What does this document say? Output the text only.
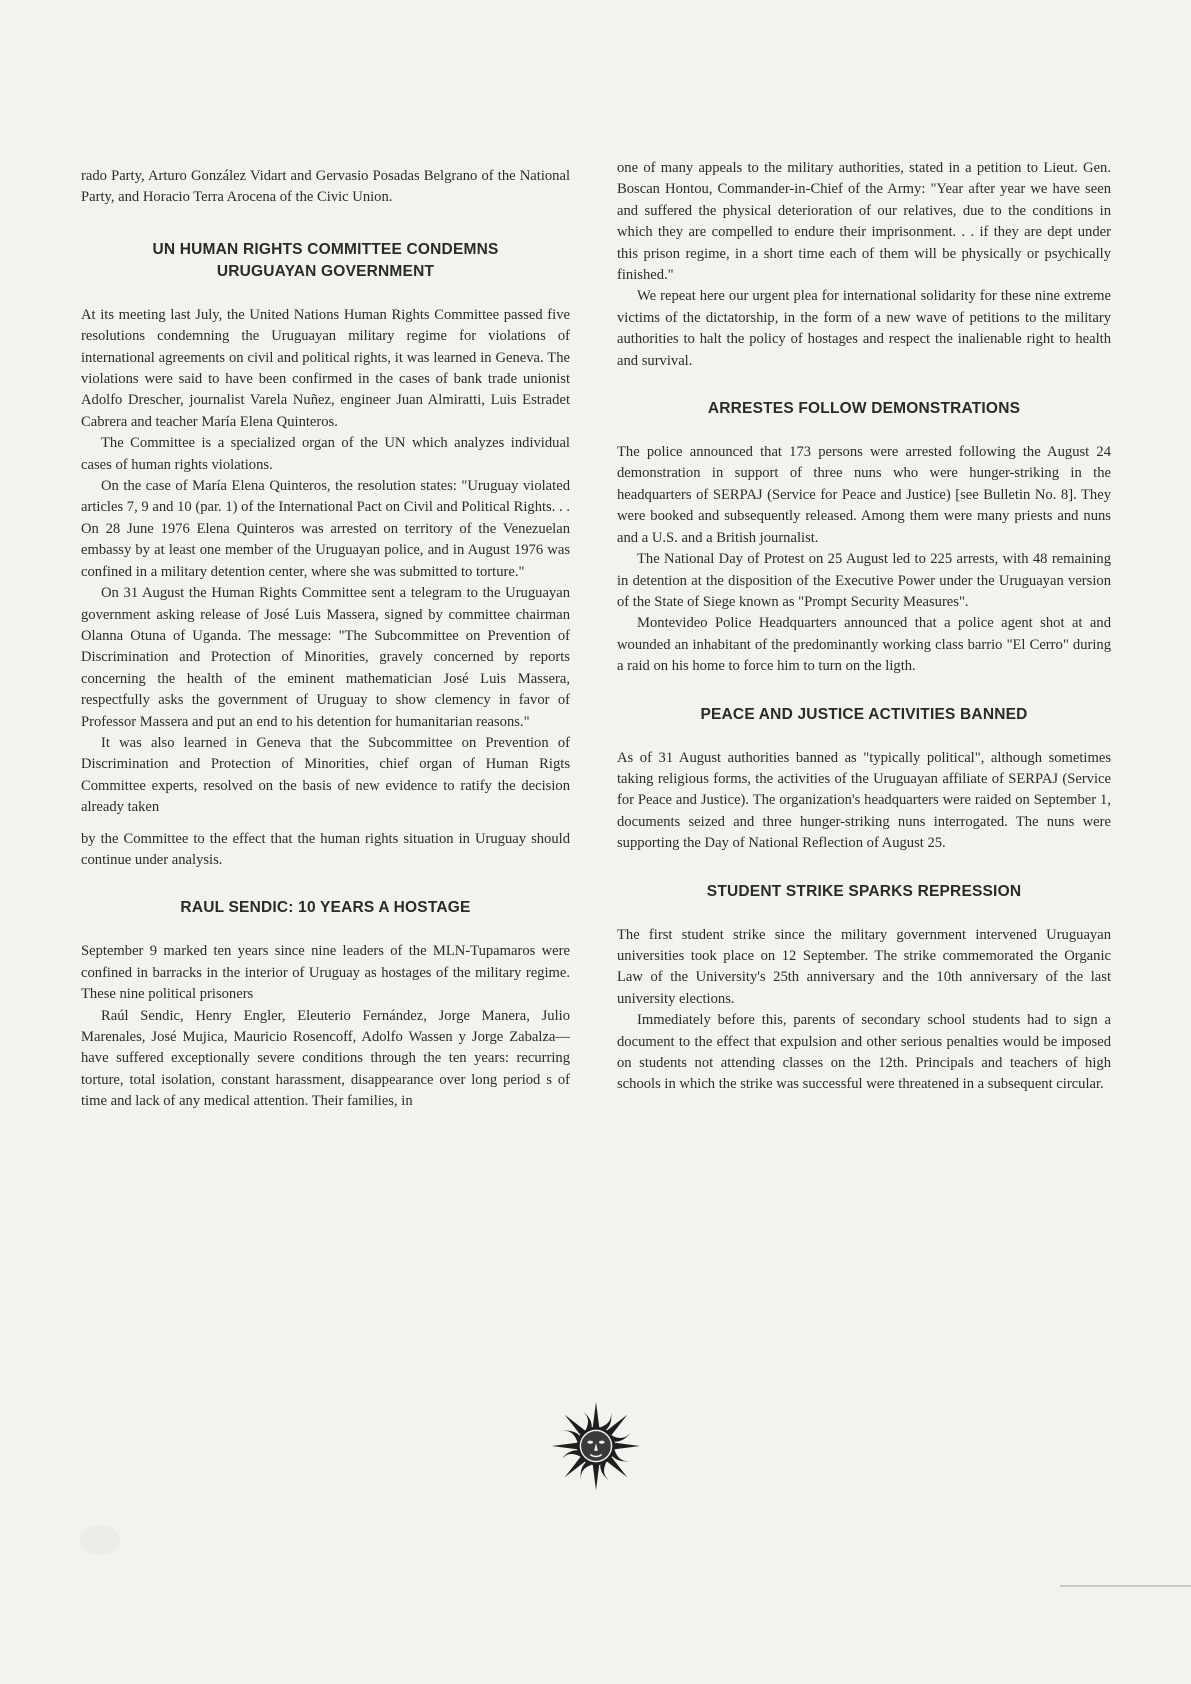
rado Party, Arturo González Vidart and Gervasio Posadas Belgrano of the National Party, and Horacio Terra Arocena of the Civic Union.

UN HUMAN RIGHTS COMMITTEE CONDEMNS URUGUAYAN GOVERNMENT

At its meeting last July, the United Nations Human Rights Committee passed five resolutions condemning the Uruguayan military regime for violations of international agreements on civil and political rights, it was learned in Geneva. The violations were said to have been confirmed in the cases of bank trade unionist Adolfo Drescher, journalist Varela Nuñez, engineer Juan Almiratti, Luis Estradet Cabrera and teacher María Elena Quinteros.

The Committee is a specialized organ of the UN which analyzes individual cases of human rights violations.

On the case of María Elena Quinteros, the resolution states: "Uruguay violated articles 7, 9 and 10 (par. 1) of the International Pact on Civil and Political Rights. . . On 28 June 1976 Elena Quinteros was arrested on territory of the Venezuelan embassy by at least one member of the Uruguayan police, and in August 1976 was confined in a military detention center, where she was submitted to torture."

On 31 August the Human Rights Committee sent a telegram to the Uruguayan government asking release of José Luis Massera, signed by committee chairman Olanna Otuna of Uganda. The message: "The Subcommittee on Prevention of Discrimination and Protection of Minorities, gravely concerned by reports concerning the health of the eminent mathematician José Luis Massera, respectfully asks the government of Uruguay to show clemency in favor of Professor Massera and put an end to his detention for humanitarian reasons."

It was also learned in Geneva that the Subcommittee on Prevention of Discrimination and Protection of Minorities, chief organ of Human Rigts Committee experts, resolved on the basis of new evidence to ratify the decision already taken

by the Committee to the effect that the human rights situation in Uruguay should continue under analysis.

RAUL SENDIC: 10 YEARS A HOSTAGE

September 9 marked ten years since nine leaders of the MLN-Tupamaros were confined in barracks in the interior of Uruguay as hostages of the military regime. These nine political prisoners

Raúl Sendic, Henry Engler, Eleuterio Fernández, Jorge Manera, Julio Marenales, José Mujica, Mauricio Rosencoff, Adolfo Wassen y Jorge Zabalza— have suffered exceptionally severe conditions through the ten years: recurring torture, total isolation, constant harassment, disappearance over long period s of time and lack of any medical attention. Their families, in

one of many appeals to the military authorities, stated in a petition to Lieut. Gen. Boscan Hontou, Commander-in-Chief of the Army: "Year after year we have seen and suffered the physical deterioration of our relatives, due to the conditions in which they are compelled to endure their imprisonment. . . if they are dept under this prison regime, in a short time each of them will be physically or psychically finished."

We repeat here our urgent plea for international solidarity for these nine extreme victims of the dictatorship, in the form of a new wave of petitions to the military authorities to halt the policy of hostages and respect the inalienable right to health and survival.

ARRESTES FOLLOW DEMONSTRATIONS

The police announced that 173 persons were arrested following the August 24 demonstration in support of three nuns who were hunger-striking in the headquarters of SERPAJ (Service for Peace and Justice) [see Bulletin No. 8]. They were booked and subsequently released. Among them were many priests and nuns and a U.S. and a British journalist.

The National Day of Protest on 25 August led to 225 arrests, with 48 remaining in detention at the disposition of the Executive Power under the Uruguayan version of the State of Siege known as "Prompt Security Measures".

Montevideo Police Headquarters announced that a police agent shot at and wounded an inhabitant of the predominantly working class barrio "El Cerro" during a raid on his home to force him to turn on the ligth.

PEACE AND JUSTICE ACTIVITIES BANNED

As of 31 August authorities banned as "typically political", although sometimes taking religious forms, the activities of the Uruguayan affiliate of SERPAJ (Service for Peace and Justice). The organization's headquarters were raided on September 1, documents seized and three hunger-striking nuns interrogated. The nuns were supporting the Day of National Reflection of August 25.

STUDENT STRIKE SPARKS REPRESSION

The first student strike since the military government intervened Uruguayan universities took place on 12 September. The strike commemorated the Organic Law of the University's 25th anniversary and the 10th anniversary of the last university elections.

Immediately before this, parents of secondary school students had to sign a document to the effect that expulsion and other serious penalties would be imposed on students not attending classes on the 12th. Principals and teachers of high schools in which the strike was successful were threatened in a subsequent circular.
